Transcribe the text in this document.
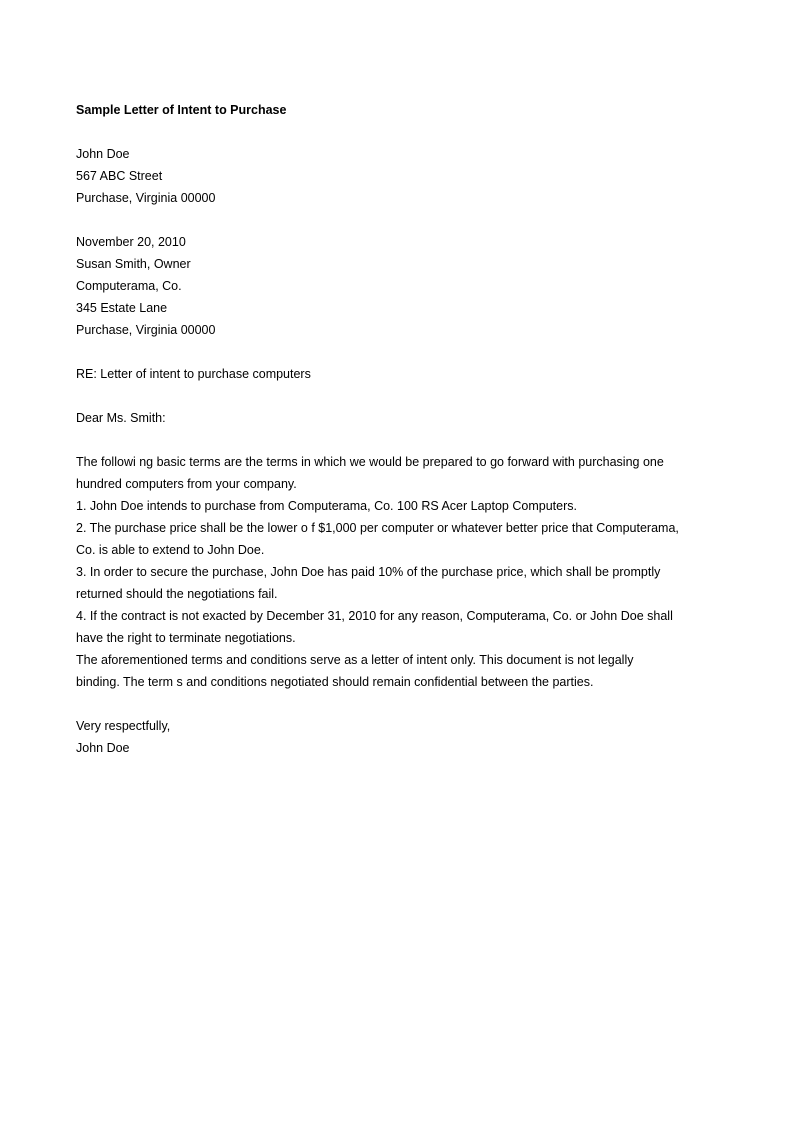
Sample Letter of Intent to Purchase
John Doe
567 ABC Street
Purchase, Virginia 00000
November 20, 2010
Susan Smith, Owner
Computerama, Co.
345 Estate Lane
Purchase, Virginia 00000
RE: Letter of intent to purchase computers
Dear Ms. Smith:
The followi ng basic terms are the terms in which we would be prepared to go forward with purchasing one
hundred computers from your company.
1. John Doe intends to purchase from Computerama, Co. 100 RS Acer Laptop Computers.
2. The purchase price shall be the lower o f $1,000 per computer or whatever better price that Computerama,
Co. is able to extend to John Doe.
3. In order to secure the purchase, John Doe has paid 10% of the purchase price, which shall be promptly
returned should the negotiations fail.
4. If the contract is not exacted by December 31, 2010 for any reason, Computerama, Co. or John Doe shall
have the right to terminate negotiations.
The aforementioned terms and conditions serve as a letter of intent only. This document is not legally
binding. The term s and conditions negotiated should remain confidential between the parties.
Very respectfully,
John Doe
